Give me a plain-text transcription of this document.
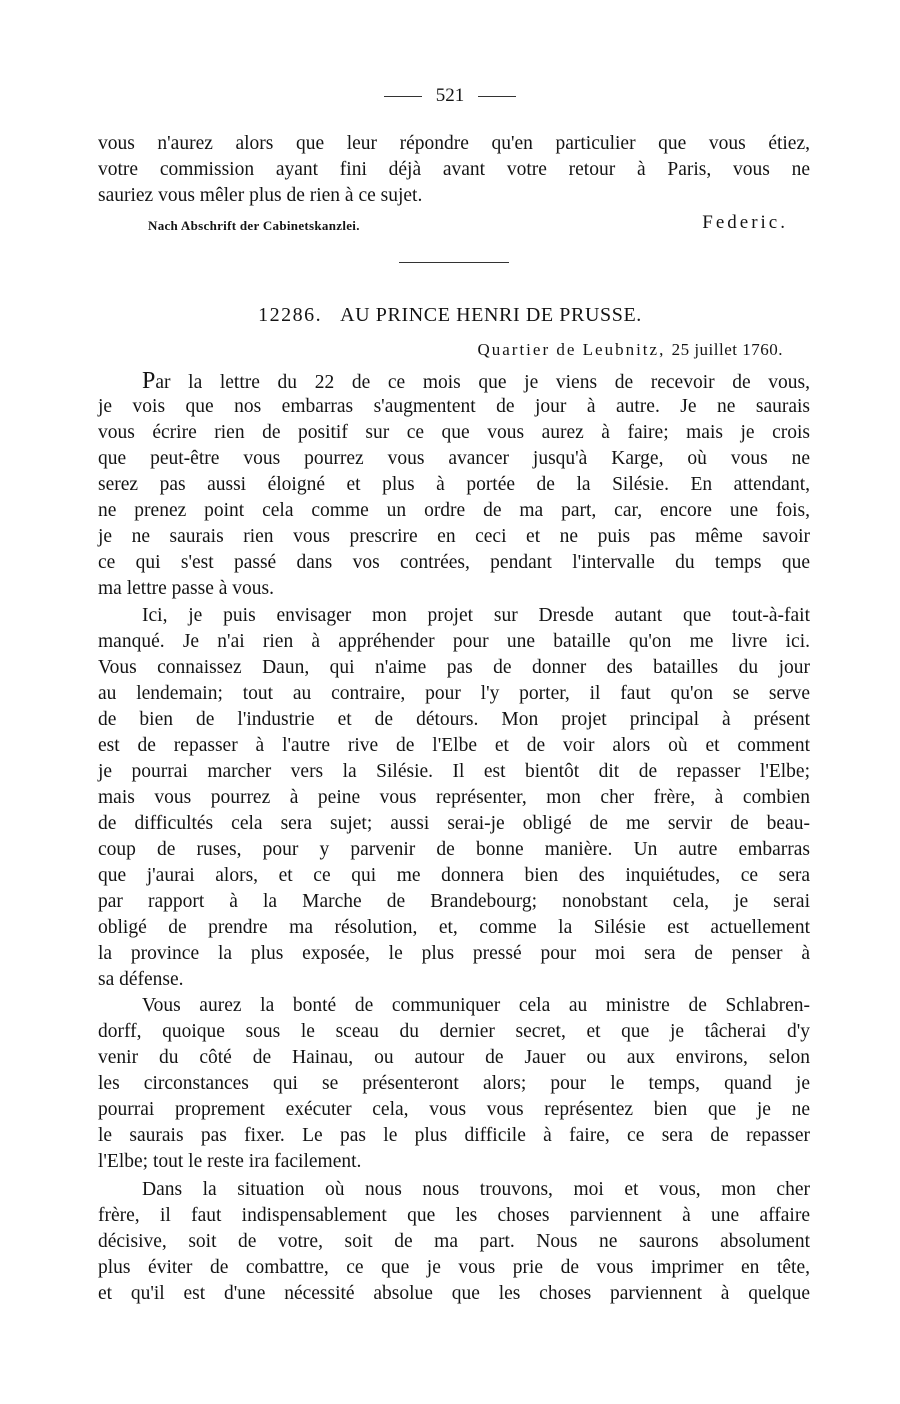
521
vous n'aurez alors que leur répondre qu'en particulier que vous étiez,
votre commission ayant fini déjà avant votre retour à Paris, vous ne
sauriez vous mêler plus de rien à ce sujet.
Nach Abschrift der Cabinetskanzlei.	Federic.
12286. AU PRINCE HENRI DE PRUSSE.
Quartier de Leubnitz, 25 juillet 1760.
Par la lettre du 22 de ce mois que je viens de recevoir de vous,
je vois que nos embarras s'augmentent de jour à autre. Je ne saurais
vous écrire rien de positif sur ce que vous aurez à faire; mais je crois
que peut-être vous pourrez vous avancer jusqu'à Karge, où vous ne
serez pas aussi éloigné et plus à portée de la Silésie. En attendant,
ne prenez point cela comme un ordre de ma part, car, encore une fois,
je ne saurais rien vous prescrire en ceci et ne puis pas même savoir
ce qui s'est passé dans vos contrées, pendant l'intervalle du temps que
ma lettre passe à vous.
Ici, je puis envisager mon projet sur Dresde autant que tout-à-fait
manqué. Je n'ai rien à appréhender pour une bataille qu'on me livre ici.
Vous connaissez Daun, qui n'aime pas de donner des batailles du jour
au lendemain; tout au contraire, pour l'y porter, il faut qu'on se serve
de bien de l'industrie et de détours. Mon projet principal à présent
est de repasser à l'autre rive de l'Elbe et de voir alors où et comment
je pourrai marcher vers la Silésie. Il est bientôt dit de repasser l'Elbe;
mais vous pourrez à peine vous représenter, mon cher frère, à combien
de difficultés cela sera sujet; aussi serai-je obligé de me servir de beau-
coup de ruses, pour y parvenir de bonne manière. Un autre embarras
que j'aurai alors, et ce qui me donnera bien des inquiétudes, ce sera
par rapport à la Marche de Brandebourg; nonobstant cela, je serai
obligé de prendre ma résolution, et, comme la Silésie est actuellement
la province la plus exposée, le plus pressé pour moi sera de penser à
sa défense.
Vous aurez la bonté de communiquer cela au ministre de Schlabren-
dorff, quoique sous le sceau du dernier secret, et que je tâcherai d'y
venir du côté de Hainau, ou autour de Jauer ou aux environs, selon
les circonstances qui se présenteront alors; pour le temps, quand je
pourrai proprement exécuter cela, vous vous représentez bien que je ne
le saurais pas fixer. Le pas le plus difficile à faire, ce sera de repasser
l'Elbe; tout le reste ira facilement.
Dans la situation où nous nous trouvons, moi et vous, mon cher
frère, il faut indispensablement que les choses parviennent à une affaire
décisive, soit de votre, soit de ma part. Nous ne saurons absolument
plus éviter de combattre, ce que je vous prie de vous imprimer en tête,
et qu'il est d'une nécessité absolue que les choses parviennent à quelque
